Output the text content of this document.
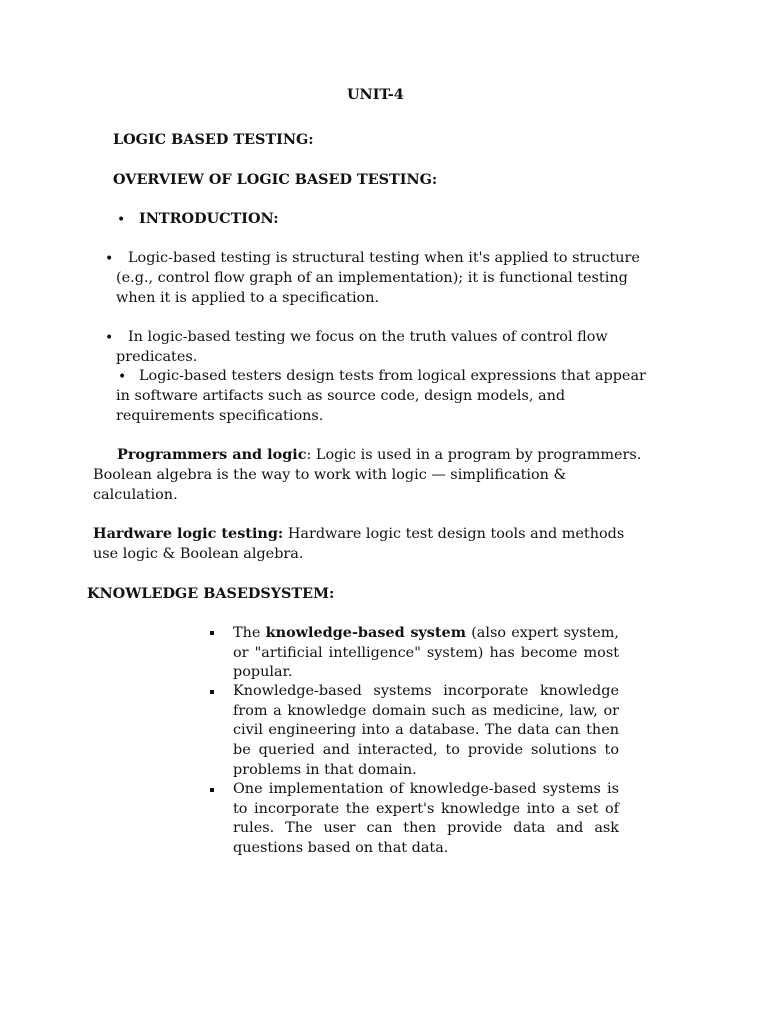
UNIT-4
LOGIC BASED TESTING:
OVERVIEW OF LOGIC BASED TESTING:
• INTRODUCTION:
• Logic-based testing is structural testing when it's applied to structure
(e.g., control flow graph of an implementation); it is functional testing
when it is applied to a specification.
• In logic-based testing we focus on the truth values of control flow
predicates.
• Logic-based testers design tests from logical expressions that appear
in software artifacts such as source code, design models, and
requirements specifications.
Programmers and logic: Logic is used in a program by programmers.
Boolean algebra is the way to work with logic — simplification &
calculation.
Hardware logic testing: Hardware logic test design tools and methods
use logic & Boolean algebra.
KNOWLEDGE BASEDSYSTEM:
The knowledge-based system (also expert system, or "artificial intelligence" system) has become most popular.
Knowledge-based systems incorporate knowledge from a knowledge domain such as medicine, law, or civil engineering into a database. The data can then be queried and interacted, to provide solutions to problems in that domain.
One implementation of knowledge-based systems is to incorporate the expert's knowledge into a set of rules. The user can then provide data and ask questions based on that data.
